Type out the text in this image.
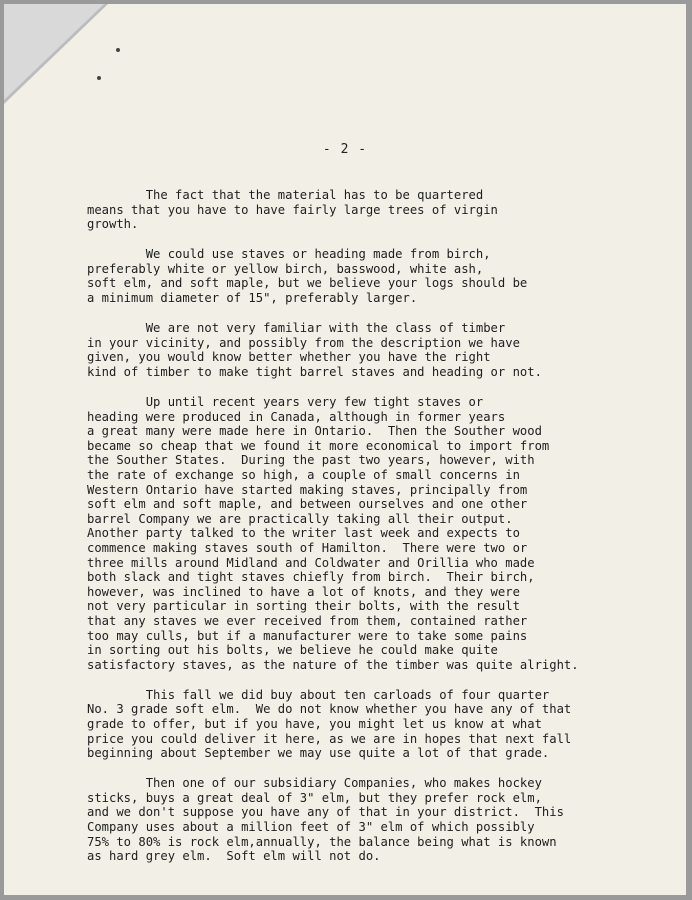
- 2 -
The fact that the material has to be quartered
means that you have to have fairly large trees of virgin
growth.
We could use staves or heading made from birch,
preferably white or yellow birch, basswood, white ash,
soft elm, and soft maple, but we believe your logs should be
a minimum diameter of 15", preferably larger.
We are not very familiar with the class of timber
in your vicinity, and possibly from the description we have
given, you would know better whether you have the right
kind of timber to make tight barrel staves and heading or not.
Up until recent years very few tight staves or
heading were produced in Canada, although in former years
a great many were made here in Ontario.  Then the Souther wood
became so cheap that we found it more economical to import from
the Souther States.  During the past two years, however, with
the rate of exchange so high, a couple of small concerns in
Western Ontario have started making staves, principally from
soft elm and soft maple, and between ourselves and one other
barrel Company we are practically taking all their output.
Another party talked to the writer last week and expects to
commence making staves south of Hamilton.  There were two or
three mills around Midland and Coldwater and Orillia who made
both slack and tight staves chiefly from birch.  Their birch,
however, was inclined to have a lot of knots, and they were
not very particular in sorting their bolts, with the result
that any staves we ever received from them, contained rather
too may culls, but if a manufacturer were to take some pains
in sorting out his bolts, we believe he could make quite
satisfactory staves, as the nature of the timber was quite alright.
This fall we did buy about ten carloads of four quarter
No. 3 grade soft elm.  We do not know whether you have any of that
grade to offer, but if you have, you might let us know at what
price you could deliver it here, as we are in hopes that next fall
beginning about September we may use quite a lot of that grade.
Then one of our subsidiary Companies, who makes hockey
sticks, buys a great deal of 3" elm, but they prefer rock elm,
and we don't suppose you have any of that in your district.  This
Company uses about a million feet of 3" elm of which possibly
75% to 80% is rock elm,annually, the balance being what is known
as hard grey elm.  Soft elm will not do.
